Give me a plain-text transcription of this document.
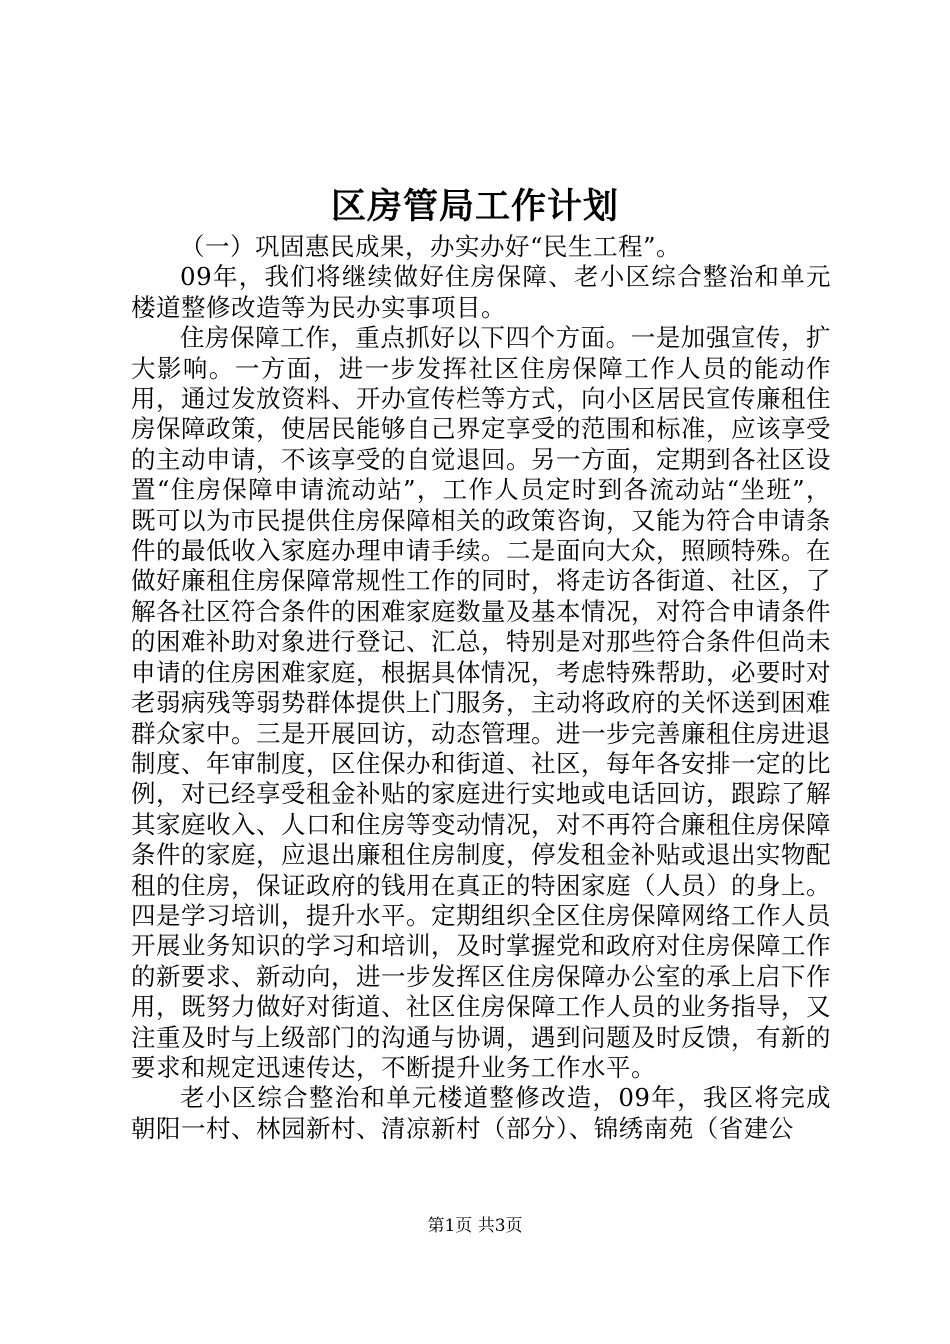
区房管局工作计划

（一）巩固惠民成果，办实办好“民生工程”。

09年，我们将继续做好住房保障、老小区综合整治和单元楼道整修改造等为民办实事项目。

住房保障工作，重点抓好以下四个方面。一是加强宣传，扩大影响。一方面，进一步发挥社区住房保障工作人员的能动作用，通过发放资料、开办宣传栏等方式，向小区居民宣传廉租住房保障政策，使居民能够自己界定享受的范围和标准，应该享受的主动申请，不该享受的自觉退回。另一方面，定期到各社区设置“住房保障申请流动站”，工作人员定时到各流动站“坐班”，既可以为市民提供住房保障相关的政策咨询，又能为符合申请条件的最低收入家庭办理申请手续。二是面向大众，照顾特殊。在做好廉租住房保障常规性工作的同时，将走访各街道、社区，了解各社区符合条件的困难家庭数量及基本情况，对符合申请条件的困难补助对象进行登记、汇总，特别是对那些符合条件但尚未申请的住房困难家庭，根据具体情况，考虑特殊帮助，必要时对老弱病残等弱势群体提供上门服务，主动将政府的关怀送到困难群众家中。三是开展回访，动态管理。进一步完善廉租住房进退制度、年审制度，区住保办和街道、社区，每年各安排一定的比例，对已经享受租金补贴的家庭进行实地或电话回访，跟踪了解其家庭收入、人口和住房等变动情况，对不再符合廉租住房保障条件的家庭，应退出廉租住房制度，停发租金补贴或退出实物配租的住房，保证政府的钱用在真正的特困家庭（人员）的身上。四是学习培训，提升水平。定期组织全区住房保障网络工作人员开展业务知识的学习和培训，及时掌握党和政府对住房保障工作的新要求、新动向，进一步发挥区住房保障办公室的承上启下作用，既努力做好对街道、社区住房保障工作人员的业务指导，又注重及时与上级部门的沟通与协调，遇到问题及时反馈，有新的要求和规定迅速传达，不断提升业务工作水平。

老小区综合整治和单元楼道整修改造，09年，我区将完成朝阳一村、林园新村、清凉新村（部分）、锦绣南苑（省建公

第1页 共3页
